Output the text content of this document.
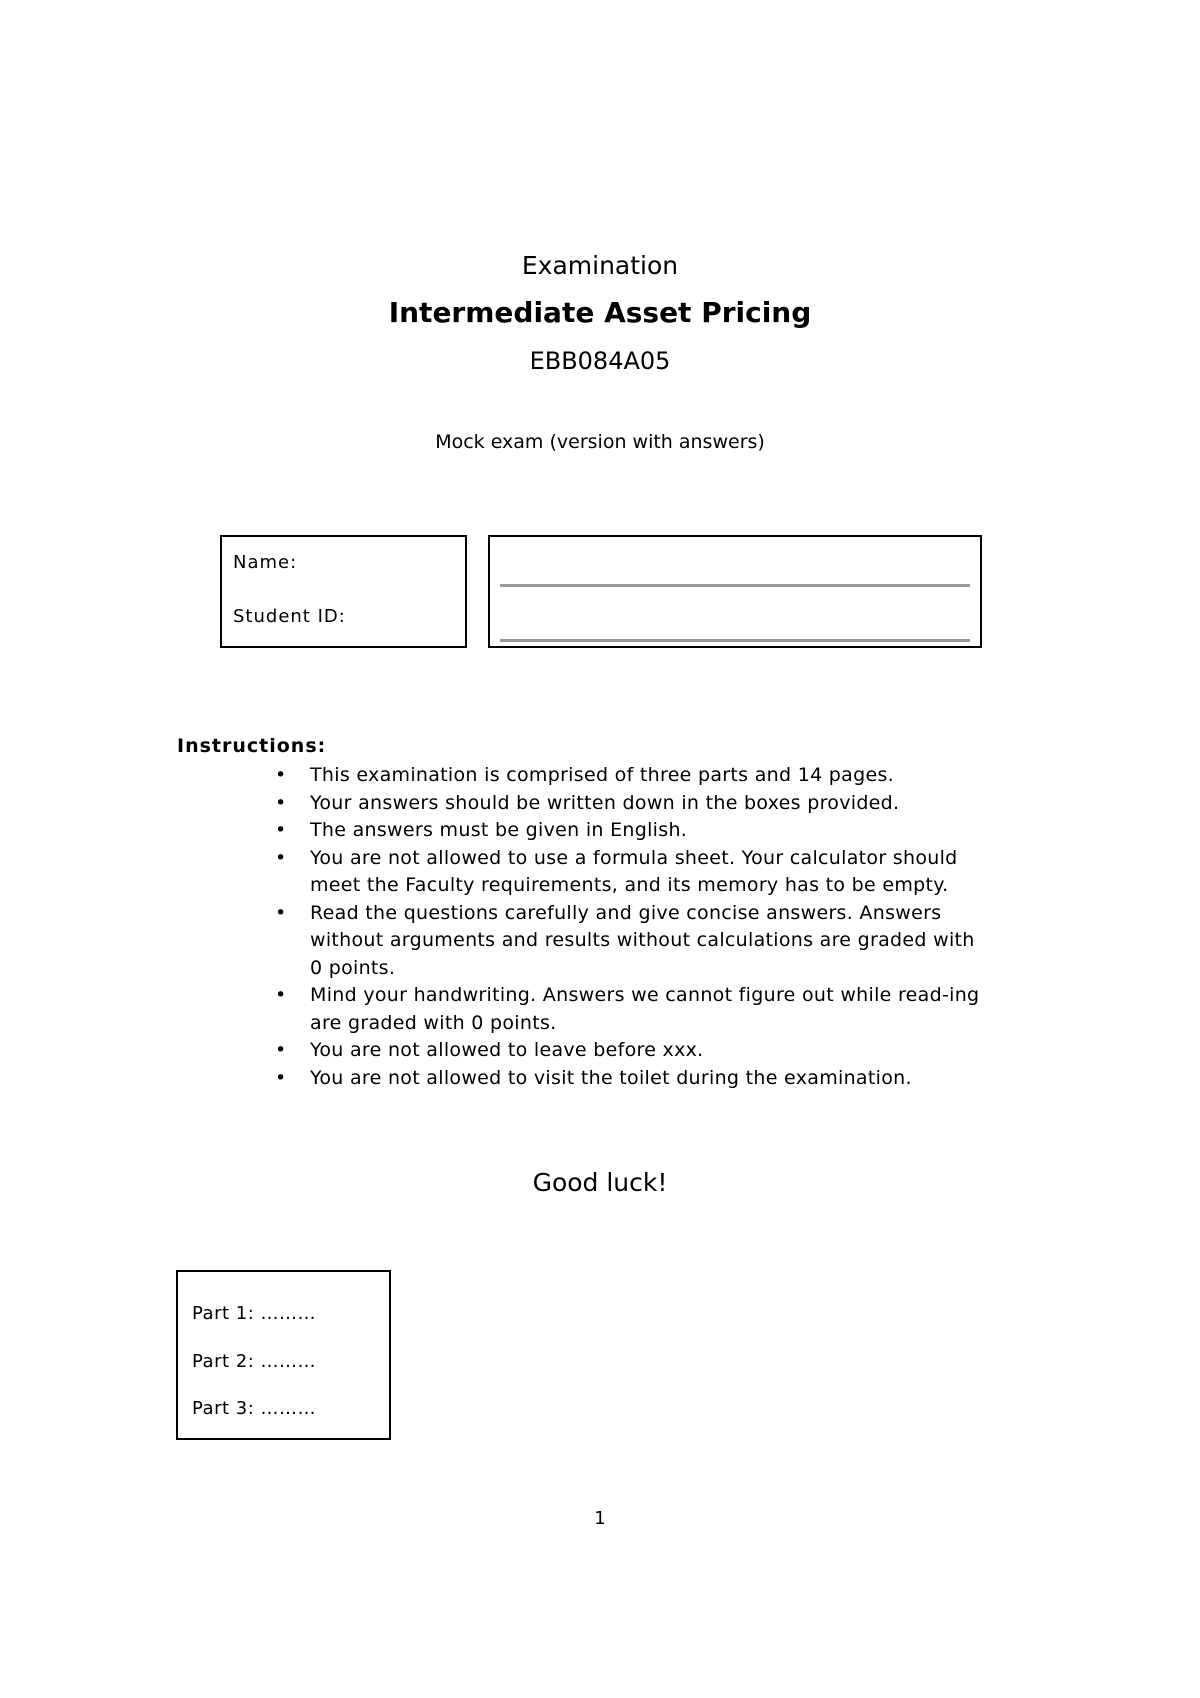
Examination
Intermediate Asset Pricing
EBB084A05
Mock exam (version with answers)
Name:
Student ID:
Instructions:
• This examination is comprised of three parts and 14 pages.
• Your answers should be written down in the boxes provided.
• The answers must be given in English.
• You are not allowed to use a formula sheet. Your calculator should meet the Faculty requirements, and its memory has to be empty.
• Read the questions carefully and give concise answers. Answers without arguments and results without calculations are graded with 0 points.
• Mind your handwriting. Answers we cannot figure out while read-ing are graded with 0 points.
• You are not allowed to leave before xxx.
• You are not allowed to visit the toilet during the examination.
Good luck!
Part 1: ………
Part 2: ………
Part 3: ………
1
